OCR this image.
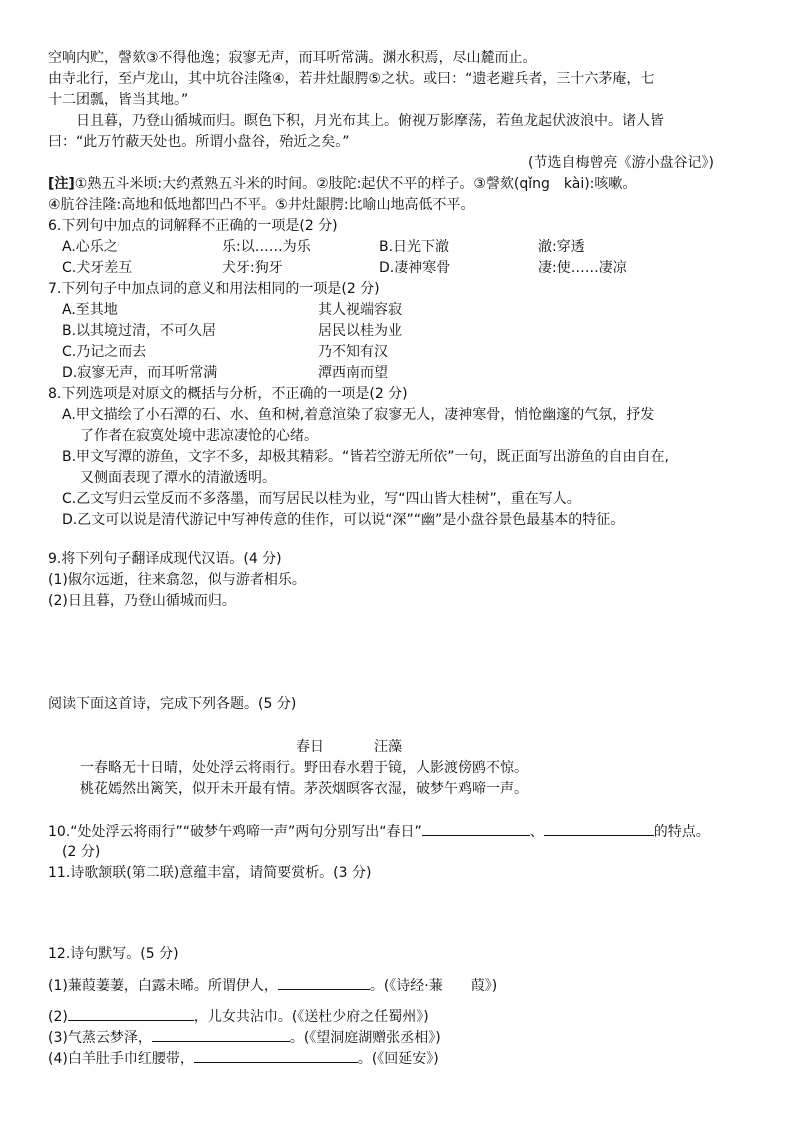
空响内贮，謦欬③不得他逸；寂寥无声，而耳听常满。渊水积焉，尽山麓而止。
由寺北行，至卢龙山，其中坑谷洼隆④，若井灶龈腭⑤之状。或曰：“遗老避兵者，三十六茅庵，七
十二团瓢，皆当其地。”
日且暮，乃登山循城而归。瞑色下积，月光布其上。俯视万影摩荡，若鱼龙起伏波浪中。诸人皆
曰：“此万竹蔽天处也。所谓小盘谷，殆近之矣。”
(节选自梅曾亮《游小盘谷记》)
[注]①熟五斗米顷:大约煮熟五斗米的时间。②肢陀:起伏不平的样子。③謦欬(qǐng　kài):咳嗽。
④肮谷洼隆:高地和低地都凹凸不平。⑤井灶龈腭:比喻山地高低不平。
6.下列句中加点的词解释不正确的一项是(2 分)
A.心乐之	乐:以……为乐	B.日光下澈	澈:穿透
C.犬牙差互	犬牙:狗牙	D.凄神寒骨	凄:使……凄凉
7.下列句子中加点词的意义和用法相同的一项是(2 分)
A.至其地	其人视端容寂
B.以其境过清，不可久居	居民以桂为业
C.乃记之而去	乃不知有汉
D.寂寥无声，而耳听常满	潭西南而望
8.下列选项是对原文的概括与分析，不正确的一项是(2 分)
A.甲文描绘了小石潭的石、水、鱼和树,着意渲染了寂寥无人，凄神寒骨，悄怆幽邃的气氛，抒发
了作者在寂寞处境中悲凉凄怆的心绪。
B.甲文写潭的游鱼，文字不多，却极其精彩。“皆若空游无所依”一句，既正面写出游鱼的自由自在,
又侧面表现了潭水的清澈透明。
C.乙文写归云堂反而不多落墨，而写居民以桂为业，写“四山皆大桂树”，重在写人。
D.乙文可以说是清代游记中写神传意的佳作，可以说“深”“幽”是小盘谷景色最基本的特征。
9.将下列句子翻译成现代汉语。(4 分)
(1)俶尔远逝，往来翕忽，似与游者相乐。
(2)日且暮，乃登山循城而归。
阅读下面这首诗，完成下列各题。(5 分)
春日	汪藻
一春略无十日晴，处处浮云将雨行。野田春水碧于镜，人影渡傍鸥不惊。
桃花嫣然出篱笑，似开未开最有情。茅茨烟暝客衣湿，破梦午鸡啼一声。
10.“处处浮云将雨行”“破梦午鸡啼一声”两句分别写出“春日”	、	的特点。
(2 分)
11.诗歌颔联(第二联)意蕴丰富，请简要赏析。(3 分)
12.诗句默写。(5 分)
(1)蒹葭萋萋，白露未晞。所谓伊人，	。(《诗经·蒹　　葭》)
(2)	，儿女共沾巾。(《送杜少府之任蜀州》)
(3)气蒸云梦泽，	。(《望洞庭湖赠张丞相》)
(4)白羊肚手巾红腰带，	。(《回延安》)
